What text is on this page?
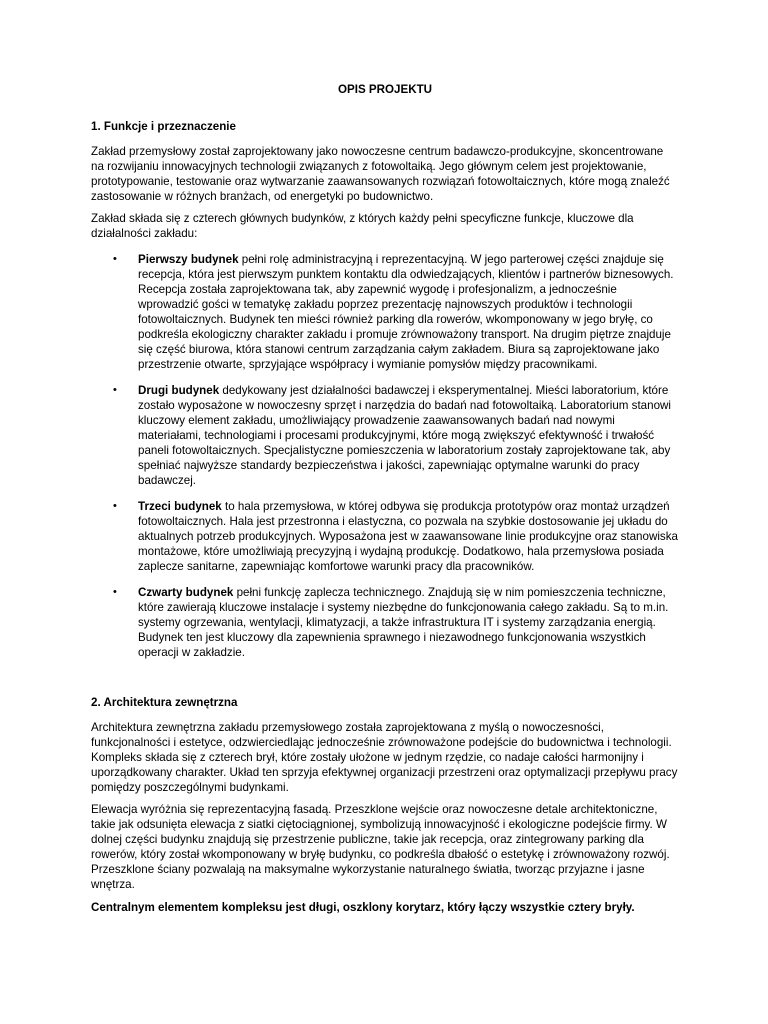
OPIS PROJEKTU

1. Funkcje i przeznaczenie

Zakład przemysłowy został zaprojektowany jako nowoczesne centrum badawczo-produkcyjne, skoncentrowane na rozwijaniu innowacyjnych technologii związanych z fotowoltaiką. Jego głównym celem jest projektowanie, prototypowanie, testowanie oraz wytwarzanie zaawansowanych rozwiązań fotowoltaicznych, które mogą znaleźć zastosowanie w różnych branżach, od energetyki po budownictwo.

Zakład składa się z czterech głównych budynków, z których każdy pełni specyficzne funkcje, kluczowe dla działalności zakładu:

• Pierwszy budynek pełni rolę administracyjną i reprezentacyjną. W jego parterowej części znajduje się recepcja, która jest pierwszym punktem kontaktu dla odwiedzających, klientów i partnerów biznesowych. Recepcja została zaprojektowana tak, aby zapewnić wygodę i profesjonalizm, a jednocześnie wprowadzić gości w tematykę zakładu poprzez prezentację najnowszych produktów i technologii fotowoltaicznych. Budynek ten mieści również parking dla rowerów, wkomponowany w jego bryłę, co podkreśla ekologiczny charakter zakładu i promuje zrównoważony transport. Na drugim piętrze znajduje się część biurowa, która stanowi centrum zarządzania całym zakładem. Biura są zaprojektowane jako przestrzenie otwarte, sprzyjające współpracy i wymianie pomysłów między pracownikami.
• Drugi budynek dedykowany jest działalności badawczej i eksperymentalnej. Mieści laboratorium, które zostało wyposażone w nowoczesny sprzęt i narzędzia do badań nad fotowoltaiką. Laboratorium stanowi kluczowy element zakładu, umożliwiający prowadzenie zaawansowanych badań nad nowymi materiałami, technologiami i procesami produkcyjnymi, które mogą zwiększyć efektywność i trwałość paneli fotowoltaicznych. Specjalistyczne pomieszczenia w laboratorium zostały zaprojektowane tak, aby spełniać najwyższe standardy bezpieczeństwa i jakości, zapewniając optymalne warunki do pracy badawczej.
• Trzeci budynek to hala przemysłowa, w której odbywa się produkcja prototypów oraz montaż urządzeń fotowoltaicznych. Hala jest przestronna i elastyczna, co pozwala na szybkie dostosowanie jej układu do aktualnych potrzeb produkcyjnych. Wyposażona jest w zaawansowane linie produkcyjne oraz stanowiska montażowe, które umożliwiają precyzyjną i wydajną produkcję. Dodatkowo, hala przemysłowa posiada zaplecze sanitarne, zapewniając komfortowe warunki pracy dla pracowników.
• Czwarty budynek pełni funkcję zaplecza technicznego. Znajdują się w nim pomieszczenia techniczne, które zawierają kluczowe instalacje i systemy niezbędne do funkcjonowania całego zakładu. Są to m.in. systemy ogrzewania, wentylacji, klimatyzacji, a także infrastruktura IT i systemy zarządzania energią. Budynek ten jest kluczowy dla zapewnienia sprawnego i niezawodnego funkcjonowania wszystkich operacji w zakładzie.

2. Architektura zewnętrzna

Architektura zewnętrzna zakładu przemysłowego została zaprojektowana z myślą o nowoczesności, funkcjonalności i estetyce, odzwierciedlając jednocześnie zrównoważone podejście do budownictwa i technologii. Kompleks składa się z czterech brył, które zostały ułożone w jednym rzędzie, co nadaje całości harmonijny i uporządkowany charakter. Układ ten sprzyja efektywnej organizacji przestrzeni oraz optymalizacji przepływu pracy pomiędzy poszczególnymi budynkami.

Elewacja wyróżnia się reprezentacyjną fasadą. Przeszklone wejście oraz nowoczesne detale architektoniczne, takie jak odsunięta elewacja z siatki ciętociągnionej, symbolizują innowacyjność i ekologiczne podejście firmy. W dolnej części budynku znajdują się przestrzenie publiczne, takie jak recepcja, oraz zintegrowany parking dla rowerów, który został wkomponowany w bryłę budynku, co podkreśla dbałość o estetykę i zrównoważony rozwój. Przeszklone ściany pozwalają na maksymalne wykorzystanie naturalnego światła, tworząc przyjazne i jasne wnętrza.

Centralnym elementem kompleksu jest długi, oszklony korytarz, który łączy wszystkie cztery bryły.
